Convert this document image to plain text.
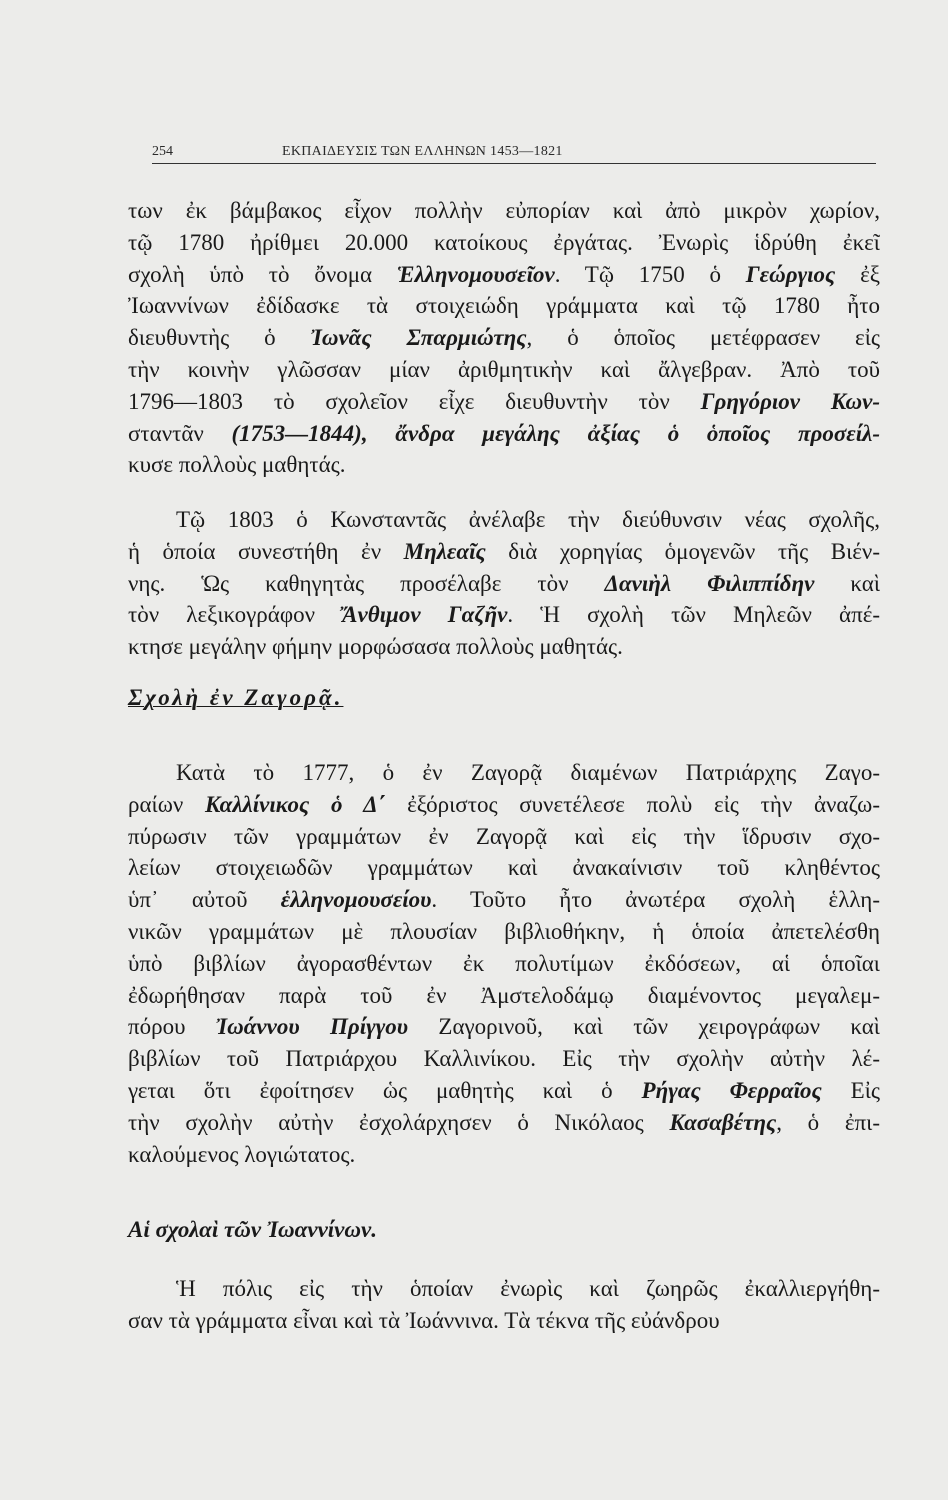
254	ΕΚΠΑΙΔΕΥΣΙΣ ΤΩΝ ΕΛΛΗΝΩΝ 1453—1821
των ἐκ βάμβακος εἶχον πολλὴν εὐπορίαν καὶ ἀπὸ μικρὸν χωρίον,
τῷ 1780 ἠρίθμει 20.000 κατοίκους ἐργάτας. Ἐνωρὶς ἱδρύθη ἐκεῖ
σχολὴ ὑπὸ τὸ ὄνομα Ἑλληνομουσεῖον. Τῷ 1750 ὁ Γεώργιος ἐξ
Ἰωαννίνων ἐδίδασκε τὰ στοιχειώδη γράμματα καὶ τῷ 1780 ἦτο
διευθυντὴς ὁ Ἰωνᾶς Σπαρμιώτης, ὁ ὁποῖος μετέφρασεν εἰς
τὴν κοινὴν γλῶσσαν μίαν ἀριθμητικὴν καὶ ἄλγεβραν. Ἀπὸ τοῦ
1796—1803 τὸ σχολεῖον εἶχε διευθυντὴν τὸν Γρηγόριον Κων-
σταντᾶν (1753—1844), ἄνδρα μεγάλης ἀξίας ὁ ὁποῖος προσείλ-
κυσε πολλοὺς μαθητάς.
Τῷ 1803 ὁ Κωνσταντᾶς ἀνέλαβε τὴν διεύθυνσιν νέας σχολῆς,
ἡ ὁποία συνεστήθη ἐν Μηλεαῖς διὰ χορηγίας ὁμογενῶν τῆς Βιέν-
νης. Ὡς καθηγητὰς προσέλαβε τὸν Δανιὴλ Φιλιππίδην καὶ
τὸν λεξικογράφον Ἄνθιμον Γαζῆν. Ἡ σχολὴ τῶν Μηλεῶν ἀπέ-
κτησε μεγάλην φήμην μορφώσασα πολλοὺς μαθητάς.
Σχολὴ ἐν Ζαγορᾷ.
Κατὰ τὸ 1777, ὁ ἐν Ζαγορᾷ διαμένων Πατριάρχης Ζαγο-
ραίων Καλλίνικος ὁ Δ΄ ἐξόριστος συνετέλεσε πολὺ εἰς τὴν ἀναζω-
πύρωσιν τῶν γραμμάτων ἐν Ζαγορᾷ καὶ εἰς τὴν ἵδρυσιν σχο-
λείων στοιχειωδῶν γραμμάτων καὶ ἀνακαίνισιν τοῦ κληθέντος
ὑπ᾿ αὐτοῦ ἑλληνομουσείου. Τοῦτο ἦτο ἀνωτέρα σχολὴ ἑλλη-
νικῶν γραμμάτων μὲ πλουσίαν βιβλιοθήκην, ἡ ὁποία ἀπετελέσθη
ὑπὸ βιβλίων ἀγορασθέντων ἐκ πολυτίμων ἐκδόσεων, αἱ ὁποῖαι
ἐδωρήθησαν παρὰ τοῦ ἐν Ἀμστελοδάμῳ διαμένοντος μεγαλεμ-
πόρου Ἰωάννου Πρίγγου Ζαγορινοῦ, καὶ τῶν χειρογράφων καὶ
βιβλίων τοῦ Πατριάρχου Καλλινίκου. Εἰς τὴν σχολὴν αὐτὴν λέ-
γεται ὅτι ἐφοίτησεν ὡς μαθητὴς καὶ ὁ Ρήγας Φερραῖος Εἰς
τὴν σχολὴν αὐτὴν ἐσχολάρχησεν ὁ Νικόλαος Κασαβέτης, ὁ ἐπι-
καλούμενος λογιώτατος.
Αἱ σχολαὶ τῶν Ἰωαννίνων.
Ἡ πόλις εἰς τὴν ὁποίαν ἐνωρὶς καὶ ζωηρῶς ἐκαλλιεργήθη-
σαν τὰ γράμματα εἶναι καὶ τὰ Ἰωάννινα. Τὰ τέκνα τῆς εὐάνδρου
